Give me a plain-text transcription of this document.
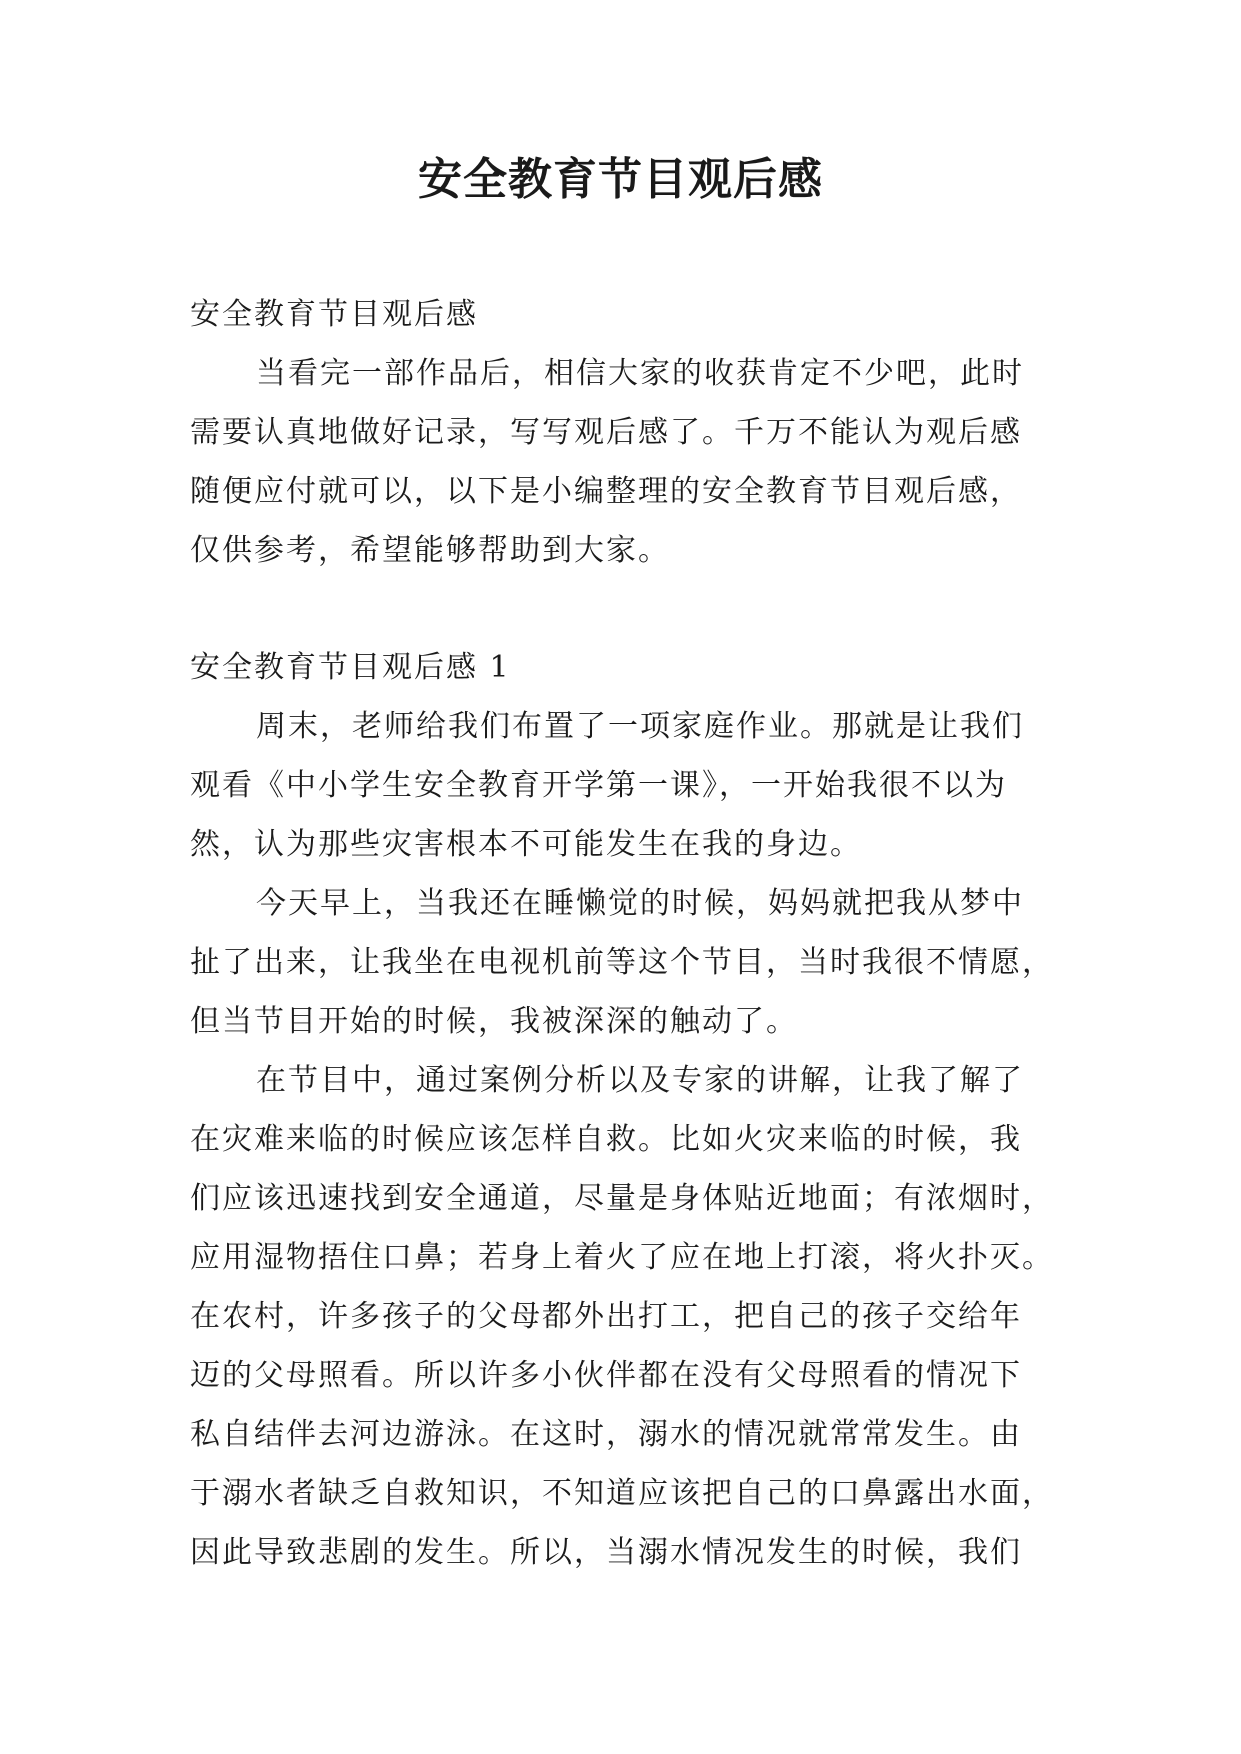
安全教育节目观后感
安全教育节目观后感
当看完一部作品后，相信大家的收获肯定不少吧，此时
需要认真地做好记录，写写观后感了。千万不能认为观后感
随便应付就可以，以下是小编整理的安全教育节目观后感，
仅供参考，希望能够帮助到大家。
安全教育节目观后感 1
周末，老师给我们布置了一项家庭作业。那就是让我们
观看《中小学生安全教育开学第一课》，一开始我很不以为
然，认为那些灾害根本不可能发生在我的身边。
今天早上，当我还在睡懒觉的时候，妈妈就把我从梦中
扯了出来，让我坐在电视机前等这个节目，当时我很不情愿，
但当节目开始的时候，我被深深的触动了。
在节目中，通过案例分析以及专家的讲解，让我了解了
在灾难来临的时候应该怎样自救。比如火灾来临的时候，我
们应该迅速找到安全通道，尽量是身体贴近地面；有浓烟时，
应用湿物捂住口鼻；若身上着火了应在地上打滚，将火扑灭。
在农村，许多孩子的父母都外出打工，把自己的孩子交给年
迈的父母照看。所以许多小伙伴都在没有父母照看的情况下
私自结伴去河边游泳。在这时，溺水的情况就常常发生。由
于溺水者缺乏自救知识，不知道应该把自己的口鼻露出水面，
因此导致悲剧的发生。所以，当溺水情况发生的时候，我们
